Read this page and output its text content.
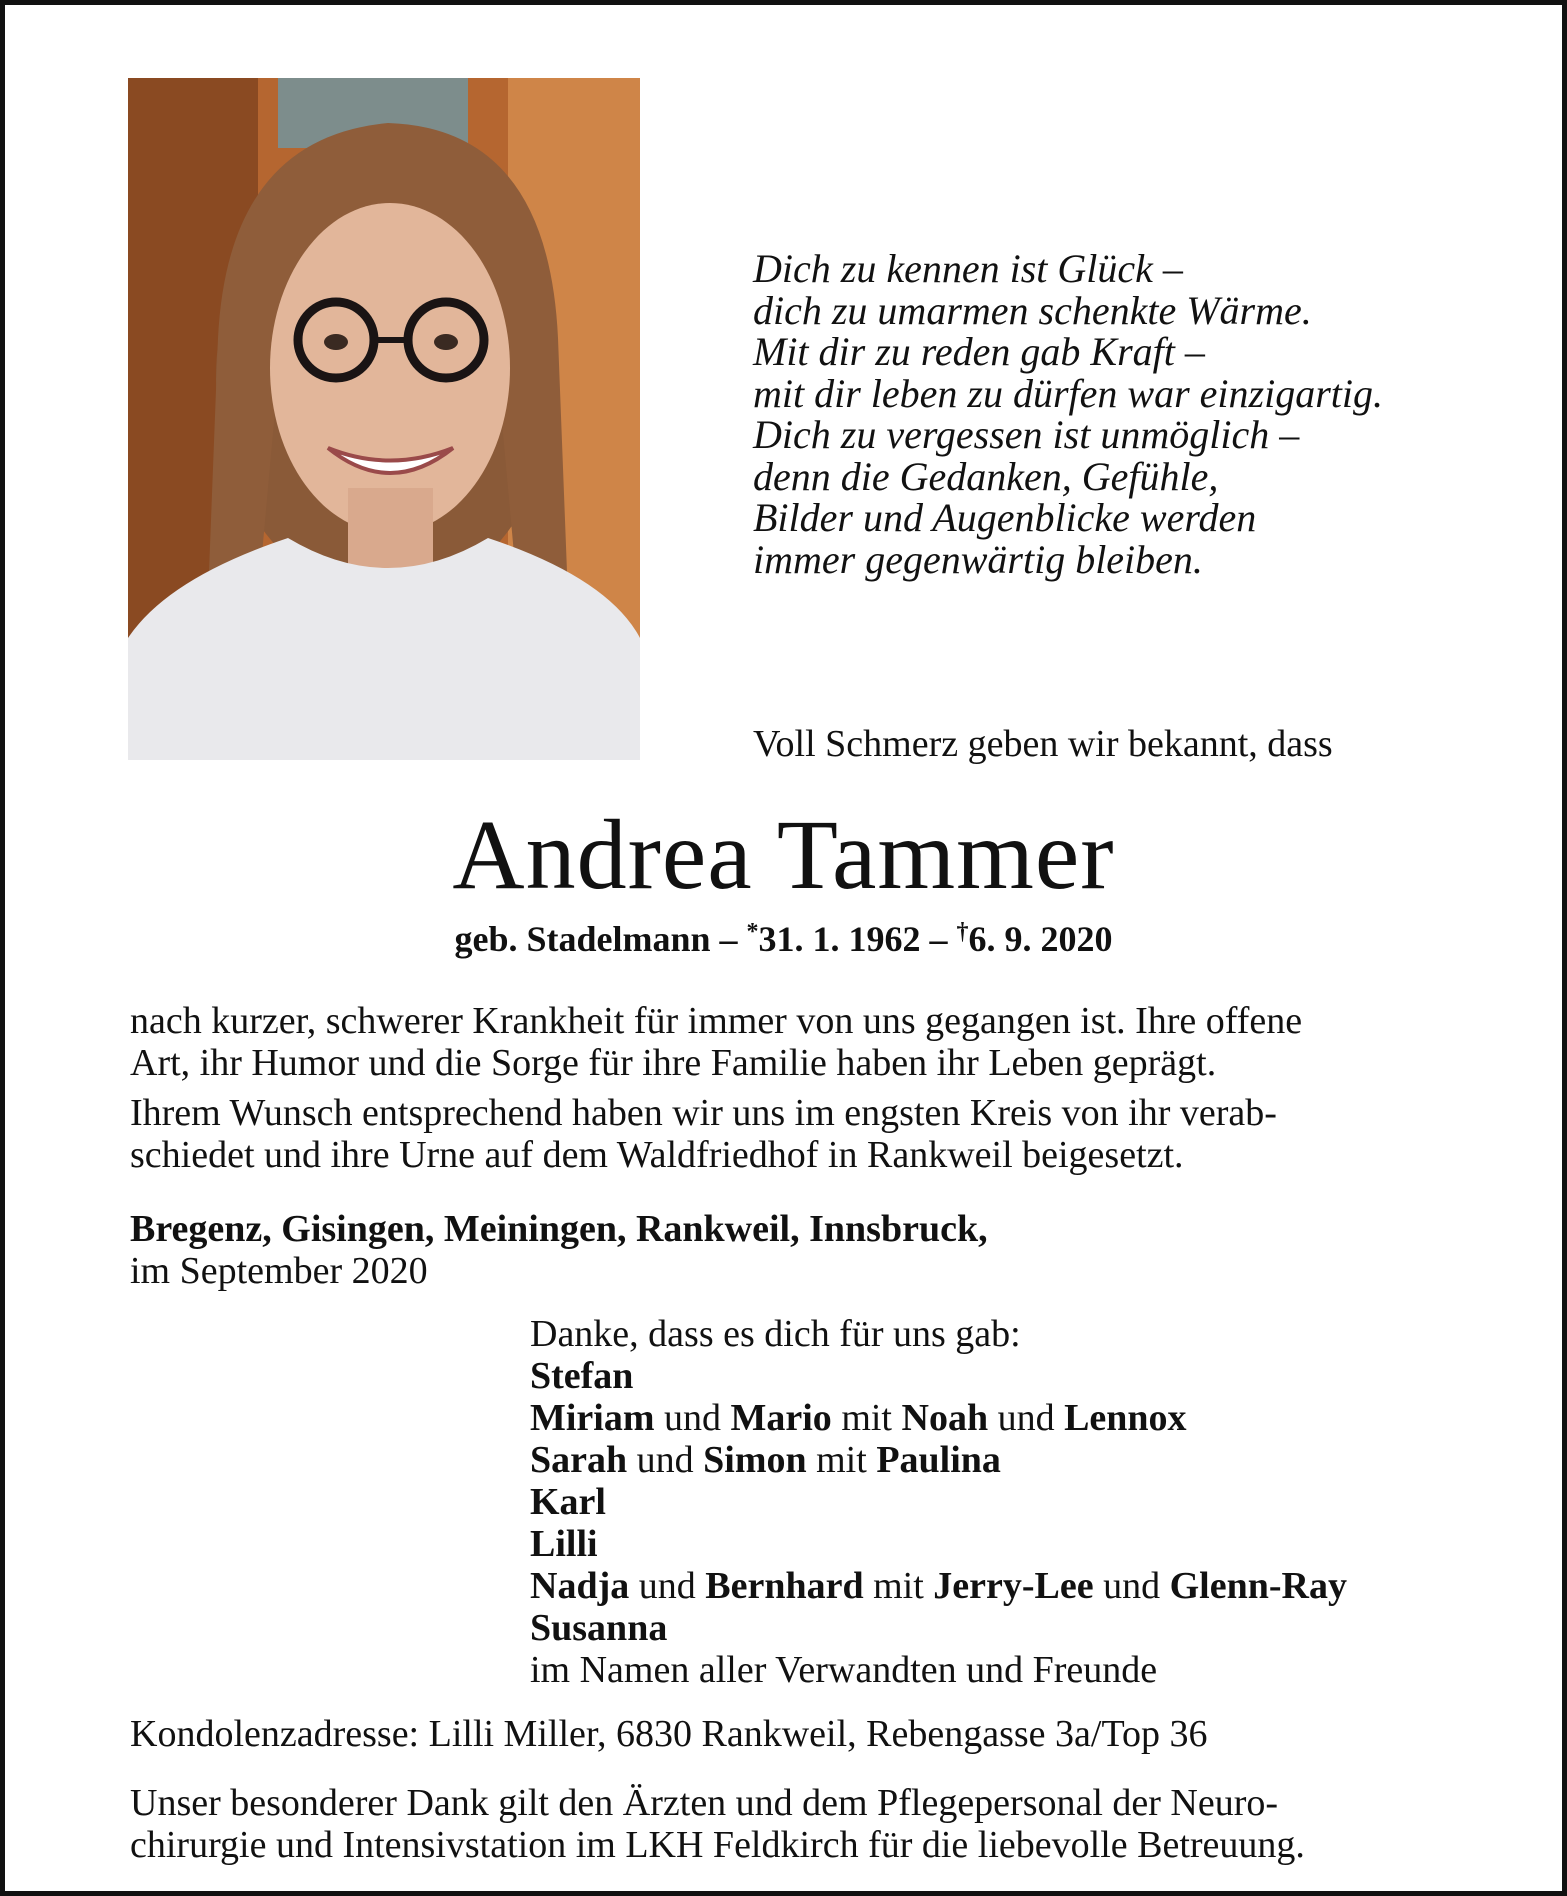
Dich zu kennen ist Glück –
dich zu umarmen schenkte Wärme.
Mit dir zu reden gab Kraft –
mit dir leben zu dürfen war einzigartig.
Dich zu vergessen ist unmöglich –
denn die Gedanken, Gefühle,
Bilder und Augenblicke werden
immer gegenwärtig bleiben.
Voll Schmerz geben wir bekannt, dass
Andrea Tammer
geb. Stadelmann – *31. 1. 1962 – †6. 9. 2020
nach kurzer, schwerer Krankheit für immer von uns gegangen ist. Ihre offene
Art, ihr Humor und die Sorge für ihre Familie haben ihr Leben geprägt.
Ihrem Wunsch entsprechend haben wir uns im engsten Kreis von ihr verab-
schiedet und ihre Urne auf dem Waldfriedhof in Rankweil beigesetzt.
Bregenz, Gisingen, Meiningen, Rankweil, Innsbruck,
im September 2020
Danke, dass es dich für uns gab:
Stefan
Miriam und Mario mit Noah und Lennox
Sarah und Simon mit Paulina
Karl
Lilli
Nadja und Bernhard mit Jerry-Lee und Glenn-Ray
Susanna
im Namen aller Verwandten und Freunde
Kondolenzadresse: Lilli Miller, 6830 Rankweil, Rebengasse 3a/Top 36
Unser besonderer Dank gilt den Ärzten und dem Pflegepersonal der Neuro-
chirurgie und Intensivstation im LKH Feldkirch für die liebevolle Betreuung.
